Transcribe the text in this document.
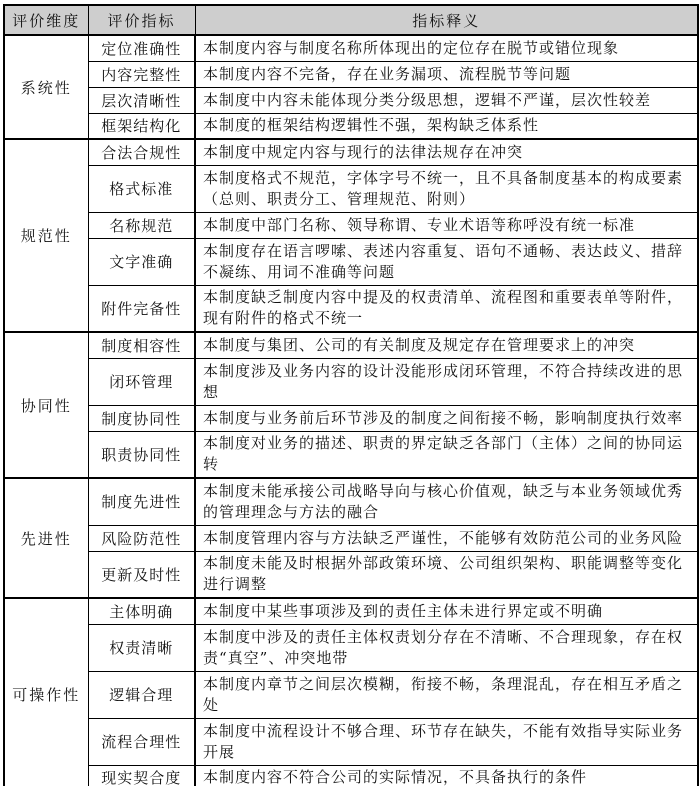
评价维度	评价指标	指标释义
系统性	定位准确性	本制度内容与制度名称所体现出的定位存在脱节或错位现象
	内容完整性	本制度内容不完备，存在业务漏项、流程脱节等问题
	层次清晰性	本制度中内容未能体现分类分级思想，逻辑不严谨，层次性较差
	框架结构化	本制度的框架结构逻辑性不强，架构缺乏体系性
规范性	合法合规性	本制度中规定内容与现行的法律法规存在冲突
	格式标准	本制度格式不规范，字体字号不统一，且不具备制度基本的构成要素（总则、职责分工、管理规范、附则）
	名称规范	本制度中部门名称、领导称谓、专业术语等称呼没有统一标准
	文字准确	本制度存在语言啰嗦、表述内容重复、语句不通畅、表达歧义、措辞不凝练、用词不准确等问题
	附件完备性	本制度缺乏制度内容中提及的权责清单、流程图和重要表单等附件，现有附件的格式不统一
协同性	制度相容性	本制度与集团、公司的有关制度及规定存在管理要求上的冲突
	闭环管理	本制度涉及业务内容的设计没能形成闭环管理，不符合持续改进的思想
	制度协同性	本制度与业务前后环节涉及的制度之间衔接不畅，影响制度执行效率
	职责协同性	本制度对业务的描述、职责的界定缺乏各部门（主体）之间的协同运转
先进性	制度先进性	本制度未能承接公司战略导向与核心价值观，缺乏与本业务领域优秀的管理理念与方法的融合
	风险防范性	本制度管理内容与方法缺乏严谨性，不能够有效防范公司的业务风险
	更新及时性	本制度未能及时根据外部政策环境、公司组织架构、职能调整等变化进行调整
可操作性	主体明确	本制度中某些事项涉及到的责任主体未进行界定或不明确
	权责清晰	本制度中涉及的责任主体权责划分存在不清晰、不合理现象，存在权责“真空”、冲突地带
	逻辑合理	本制度内章节之间层次模糊，衔接不畅，条理混乱，存在相互矛盾之处
	流程合理性	本制度中流程设计不够合理、环节存在缺失，不能有效指导实际业务开展
	现实契合度	本制度内容不符合公司的实际情况，不具备执行的条件
